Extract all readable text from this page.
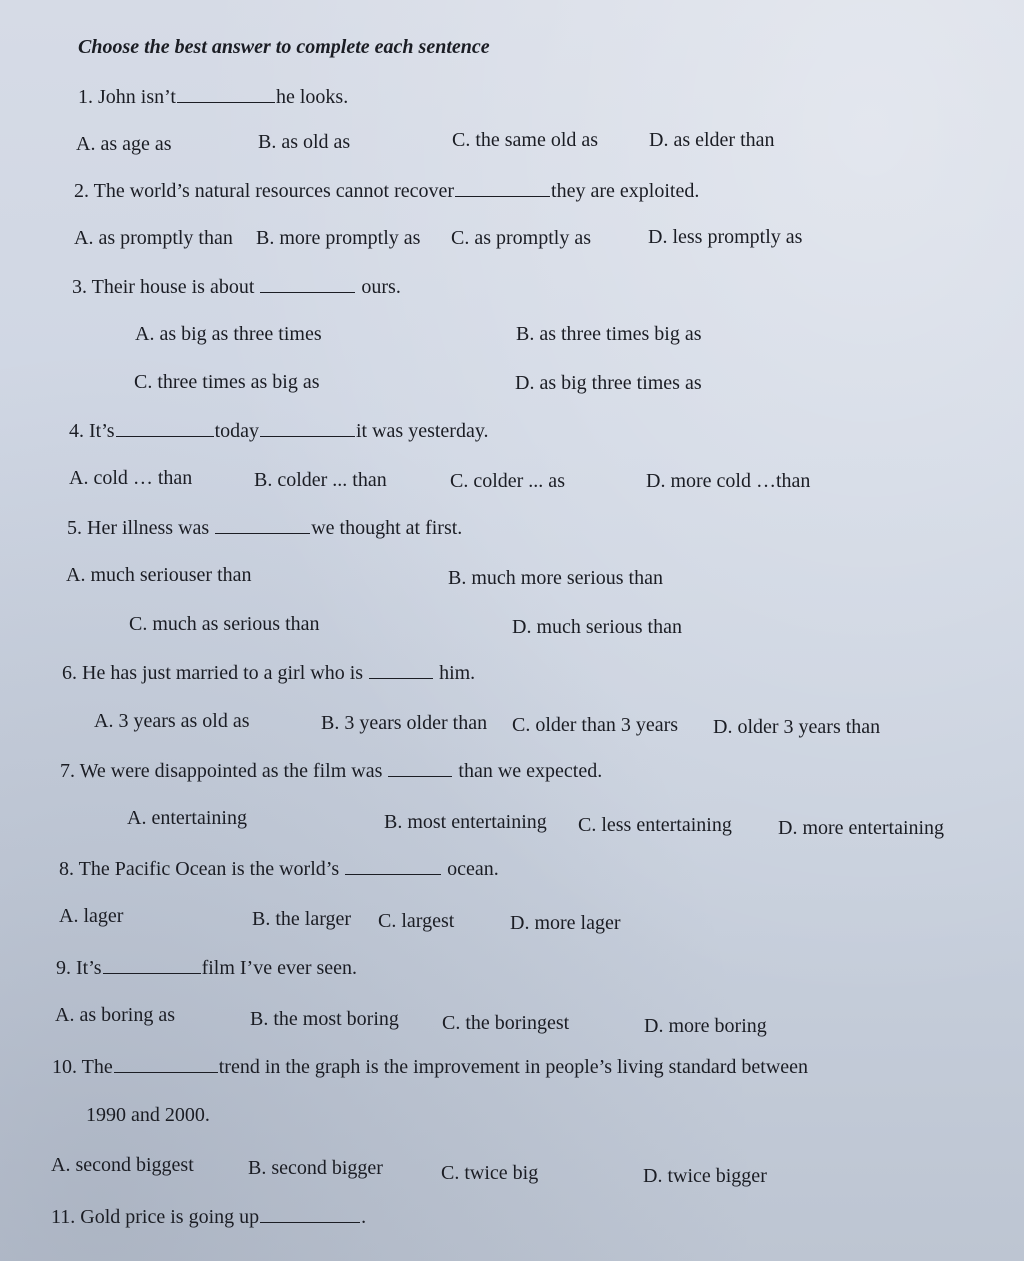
Choose the best answer to complete each sentence
1. John isn’t	he looks.
A. as age as	B. as old as	C. the same old as	D. as elder than
2. The world’s natural resources cannot recover	they are exploited.
A. as promptly than B. more promptly as C. as promptly as	D. less promptly as
3. Their house is about	ours.
A. as big as three times	B. as three times big as
C. three times as big as	D. as big three times as
4. It’s	today	it was yesterday.
A. cold … than	B. colder ... than	C. colder ... as	D. more cold …than
5. Her illness was	we thought at first.
A. much seriouser than	B. much more serious than
C. much as serious than	D. much serious than
6. He has just married to a girl who is	him.
A. 3 years as old as	B. 3 years older than C. older than 3 years D. older 3 years than
7. We were disappointed as the film was	than we expected.
A. entertaining	B. most entertaining C. less entertaining D. more entertaining
8. The Pacific Ocean is the world’s	ocean.
A. lager	B. the larger C. largest	D. more lager
9. It’s	film I’ve ever seen.
A. as boring as	B. the most boring C. the boringest	D. more boring
10. The	trend in the graph is the improvement in people’s living standard between
1990 and 2000.
A. second biggest	B. second bigger	C. twice big	D. twice bigger
11. Gold price is going up	.
